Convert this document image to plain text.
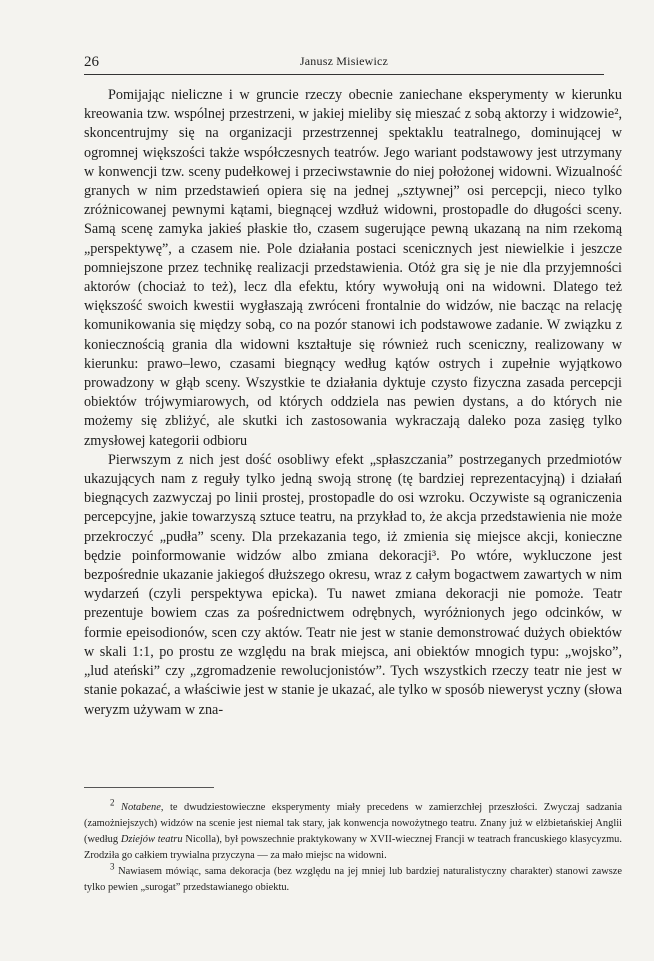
26	Janusz Misiewicz

Pomijając nieliczne i w gruncie rzeczy obecnie zaniechane eksperymenty w kierunku kreowania tzw. wspólnej przestrzeni, w jakiej mieliby się mieszać z sobą aktorzy i widzowie², skoncentrujmy się na organizacji przestrzennej spektaklu teatralnego, dominującej w ogromnej większości także współczesnych teatrów. Jego wariant podstawowy jest utrzymany w konwencji tzw. sceny pudełkowej i przeciwstawnie do niej położonej widowni. Wizualność granych w nim przedstawień opiera się na jednej „sztywnej” osi percepcji, nieco tylko zróżnicowanej pewnymi kątami, biegnącej wzdłuż widowni, prostopadle do długości sceny. Samą scenę zamyka jakieś płaskie tło, czasem sugerujące pewną ukazaną na nim rzekomą „perspektywę”, a czasem nie. Pole działania postaci scenicznych jest niewielkie i jeszcze pomniejszone przez technikę realizacji przedstawienia. Otóż gra się je nie dla przyjemności aktorów (chociaż to też), lecz dla efektu, który wywołują oni na widowni. Dlatego też większość swoich kwestii wygłaszają zwróceni frontalnie do widzów, nie bacząc na relację komunikowania się między sobą, co na pozór stanowi ich podstawowe zadanie. W związku z koniecznością grania dla widowni kształtuje się również ruch sceniczny, realizowany w kierunku: prawo–lewo, czasami biegnący według kątów ostrych i zupełnie wyjątkowo prowadzony w głąb sceny. Wszystkie te działania dyktuje czysto fizyczna zasada percepcji obiektów trójwymiarowych, od których oddziela nas pewien dystans, a do których nie możemy się zbliżyć, ale skutki ich zastosowania wykraczają daleko poza zasięg tylko zmysłowej kategorii odbioru

Pierwszym z nich jest dość osobliwy efekt „spłaszczania” postrzeganych przedmiotów ukazujących nam z reguły tylko jedną swoją stronę (tę bardziej reprezentacyjną) i działań biegnących zazwyczaj po linii prostej, prostopadle do osi wzroku. Oczywiste są ograniczenia percepcyjne, jakie towarzyszą sztuce teatru, na przykład to, że akcja przedstawienia nie może przekroczyć „pudła” sceny. Dla przekazania tego, iż zmienia się miejsce akcji, konieczne będzie poinformowanie widzów albo zmiana dekoracji³. Po wtóre, wykluczone jest bezpośrednie ukazanie jakiegoś dłuższego okresu, wraz z całym bogactwem zawartych w nim wydarzeń (czyli perspektywa epicka). Tu nawet zmiana dekoracji nie pomoże. Teatr prezentuje bowiem czas za pośrednictwem odrębnych, wyróżnionych jego odcinków, w formie epeisodionów, scen czy aktów. Teatr nie jest w stanie demonstrować dużych obiektów w skali 1:1, po prostu ze względu na brak miejsca, ani obiektów mnogich typu: „wojsko”, „lud ateński” czy „zgromadzenie rewolucjonistów”. Tych wszystkich rzeczy teatr nie jest w stanie pokazać, a właściwie jest w stanie je ukazać, ale tylko w sposób nieweryst yczny (słowa weryzm używam w zna-

$^2$ Notabene, te dwudziestowieczne eksperymenty miały precedens w zamierzchłej przeszłości. Zwyczaj sadzania (zamożniejszych) widzów na scenie jest niemal tak stary, jak konwencja nowożytnego teatru. Znany już w elżbietańskiej Anglii (według Dziejów teatru Nicolla), był powszechnie praktykowany w XVII-wiecznej Francji w teatrach francuskiego klasycyzmu. Zrodziła go całkiem trywialna przyczyna — za mało miejsc na widowni.

$^3$ Nawiasem mówiąc, sama dekoracja (bez względu na jej mniej lub bardziej naturalistyczny charakter) stanowi zawsze tylko pewien „surogat” przedstawianego obiektu.
